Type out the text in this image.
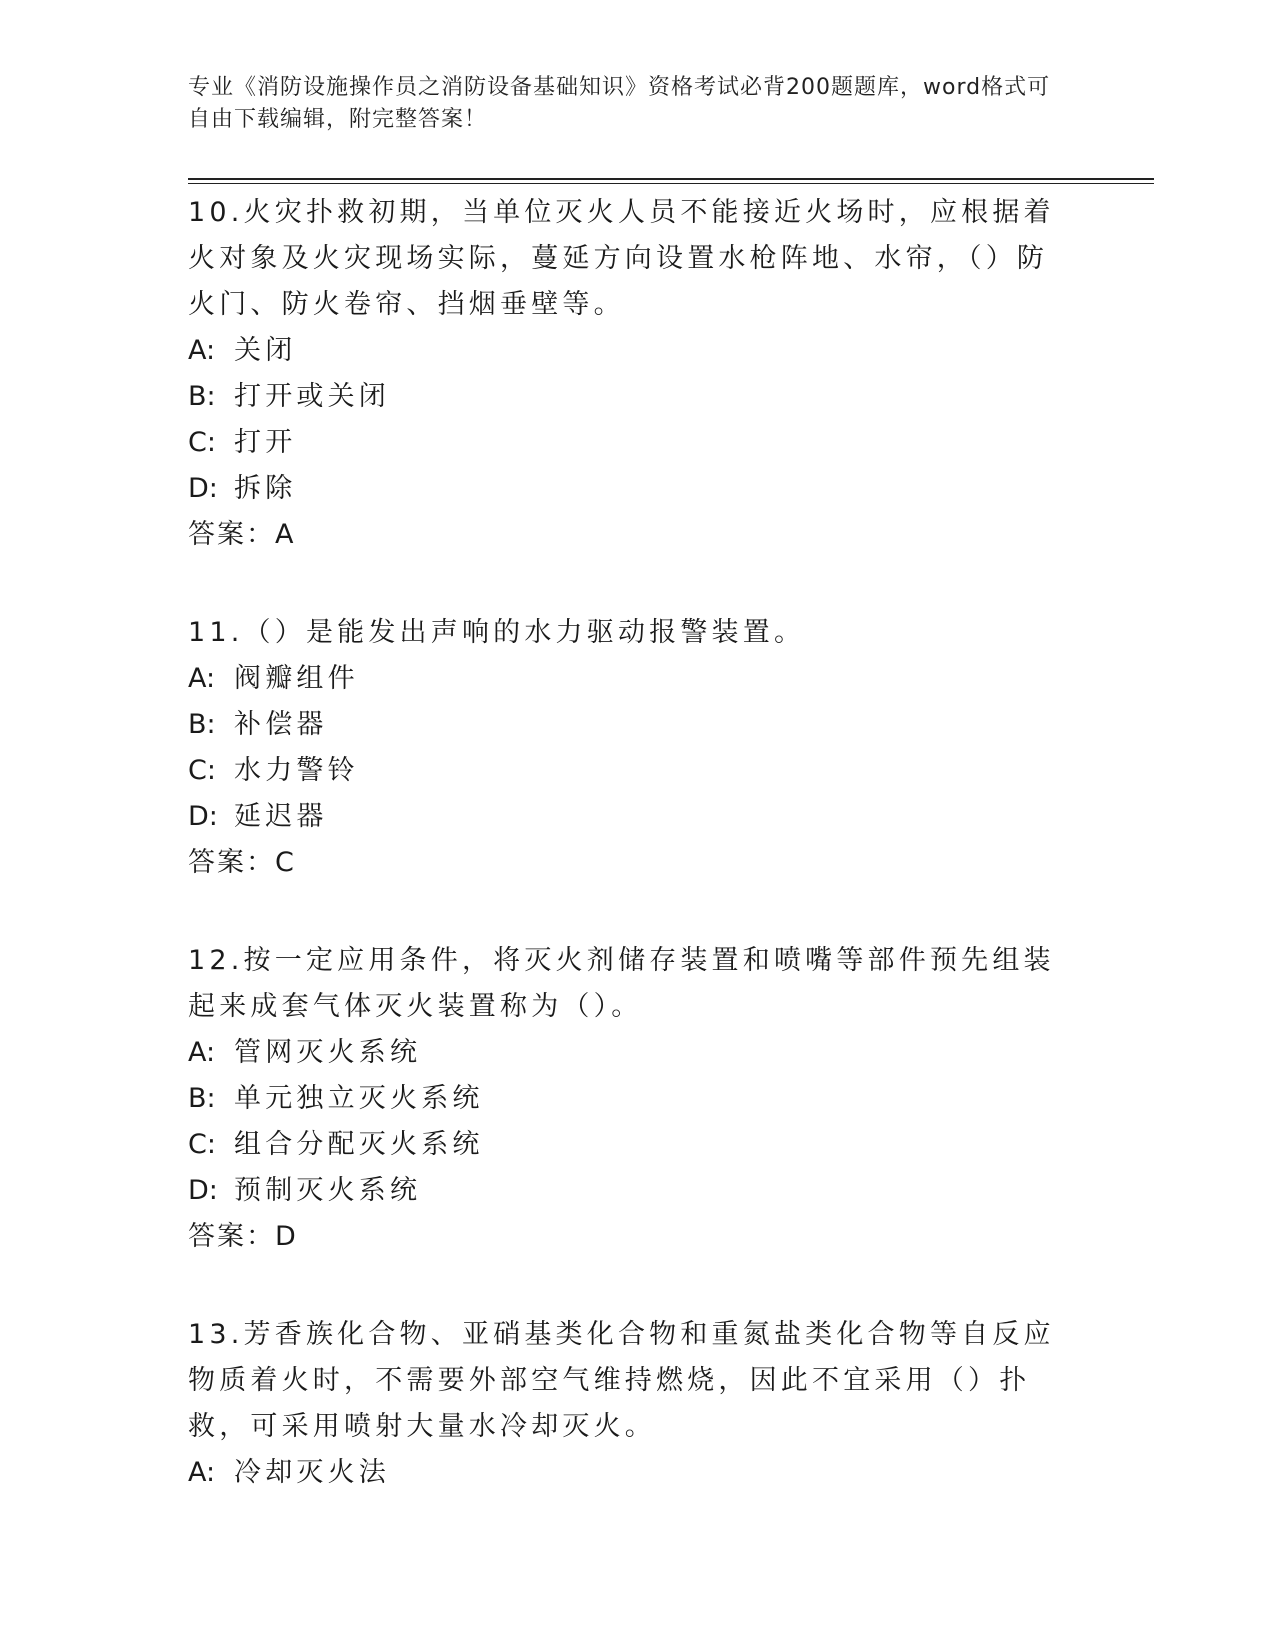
专业《消防设施操作员之消防设备基础知识》资格考试必背200题题库，word格式可自由下载编辑，附完整答案！

10.火灾扑救初期，当单位灭火人员不能接近火场时，应根据着火对象及火灾现场实际，蔓延方向设置水枪阵地、水帘，（）防火门、防火卷帘、挡烟垂壁等。

A: 关闭

B: 打开或关闭

C: 打开

D: 拆除

答案：A

11.（）是能发出声响的水力驱动报警装置。

A: 阀瓣组件

B: 补偿器

C: 水力警铃

D: 延迟器

答案：C

12.按一定应用条件，将灭火剂储存装置和喷嘴等部件预先组装起来成套气体灭火装置称为（）。

A: 管网灭火系统

B: 单元独立灭火系统

C: 组合分配灭火系统

D: 预制灭火系统

答案：D

13.芳香族化合物、亚硝基类化合物和重氮盐类化合物等自反应物质着火时，不需要外部空气维持燃烧，因此不宜采用（）扑救，可采用喷射大量水冷却灭火。

A: 冷却灭火法
